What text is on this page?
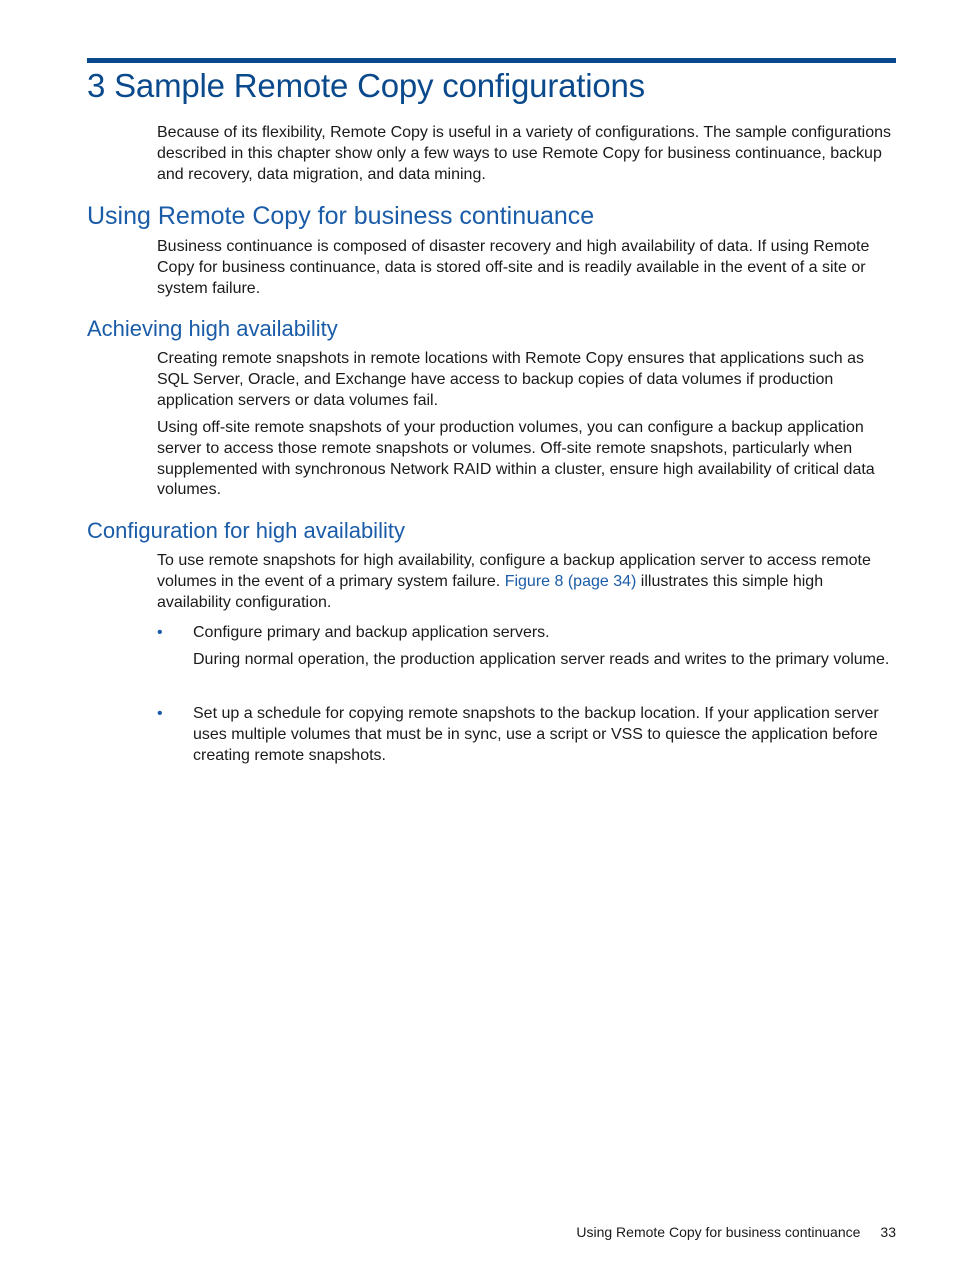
3 Sample Remote Copy configurations

Because of its flexibility, Remote Copy is useful in a variety of configurations. The sample configurations described in this chapter show only a few ways to use Remote Copy for business continuance, backup and recovery, data migration, and data mining.

Using Remote Copy for business continuance

Business continuance is composed of disaster recovery and high availability of data. If using Remote Copy for business continuance, data is stored off-site and is readily available in the event of a site or system failure.

Achieving high availability

Creating remote snapshots in remote locations with Remote Copy ensures that applications such as SQL Server, Oracle, and Exchange have access to backup copies of data volumes if production application servers or data volumes fail.

Using off-site remote snapshots of your production volumes, you can configure a backup application server to access those remote snapshots or volumes. Off-site remote snapshots, particularly when supplemented with synchronous Network RAID within a cluster, ensure high availability of critical data volumes.

Configuration for high availability

To use remote snapshots for high availability, configure a backup application server to access remote volumes in the event of a primary system failure. Figure 8 (page 34) illustrates this simple high availability configuration.

• Configure primary and backup application servers.

During normal operation, the production application server reads and writes to the primary volume.

• Set up a schedule for copying remote snapshots to the backup location. If your application server uses multiple volumes that must be in sync, use a script or VSS to quiesce the application before creating remote snapshots.

Using Remote Copy for business continuance 33
